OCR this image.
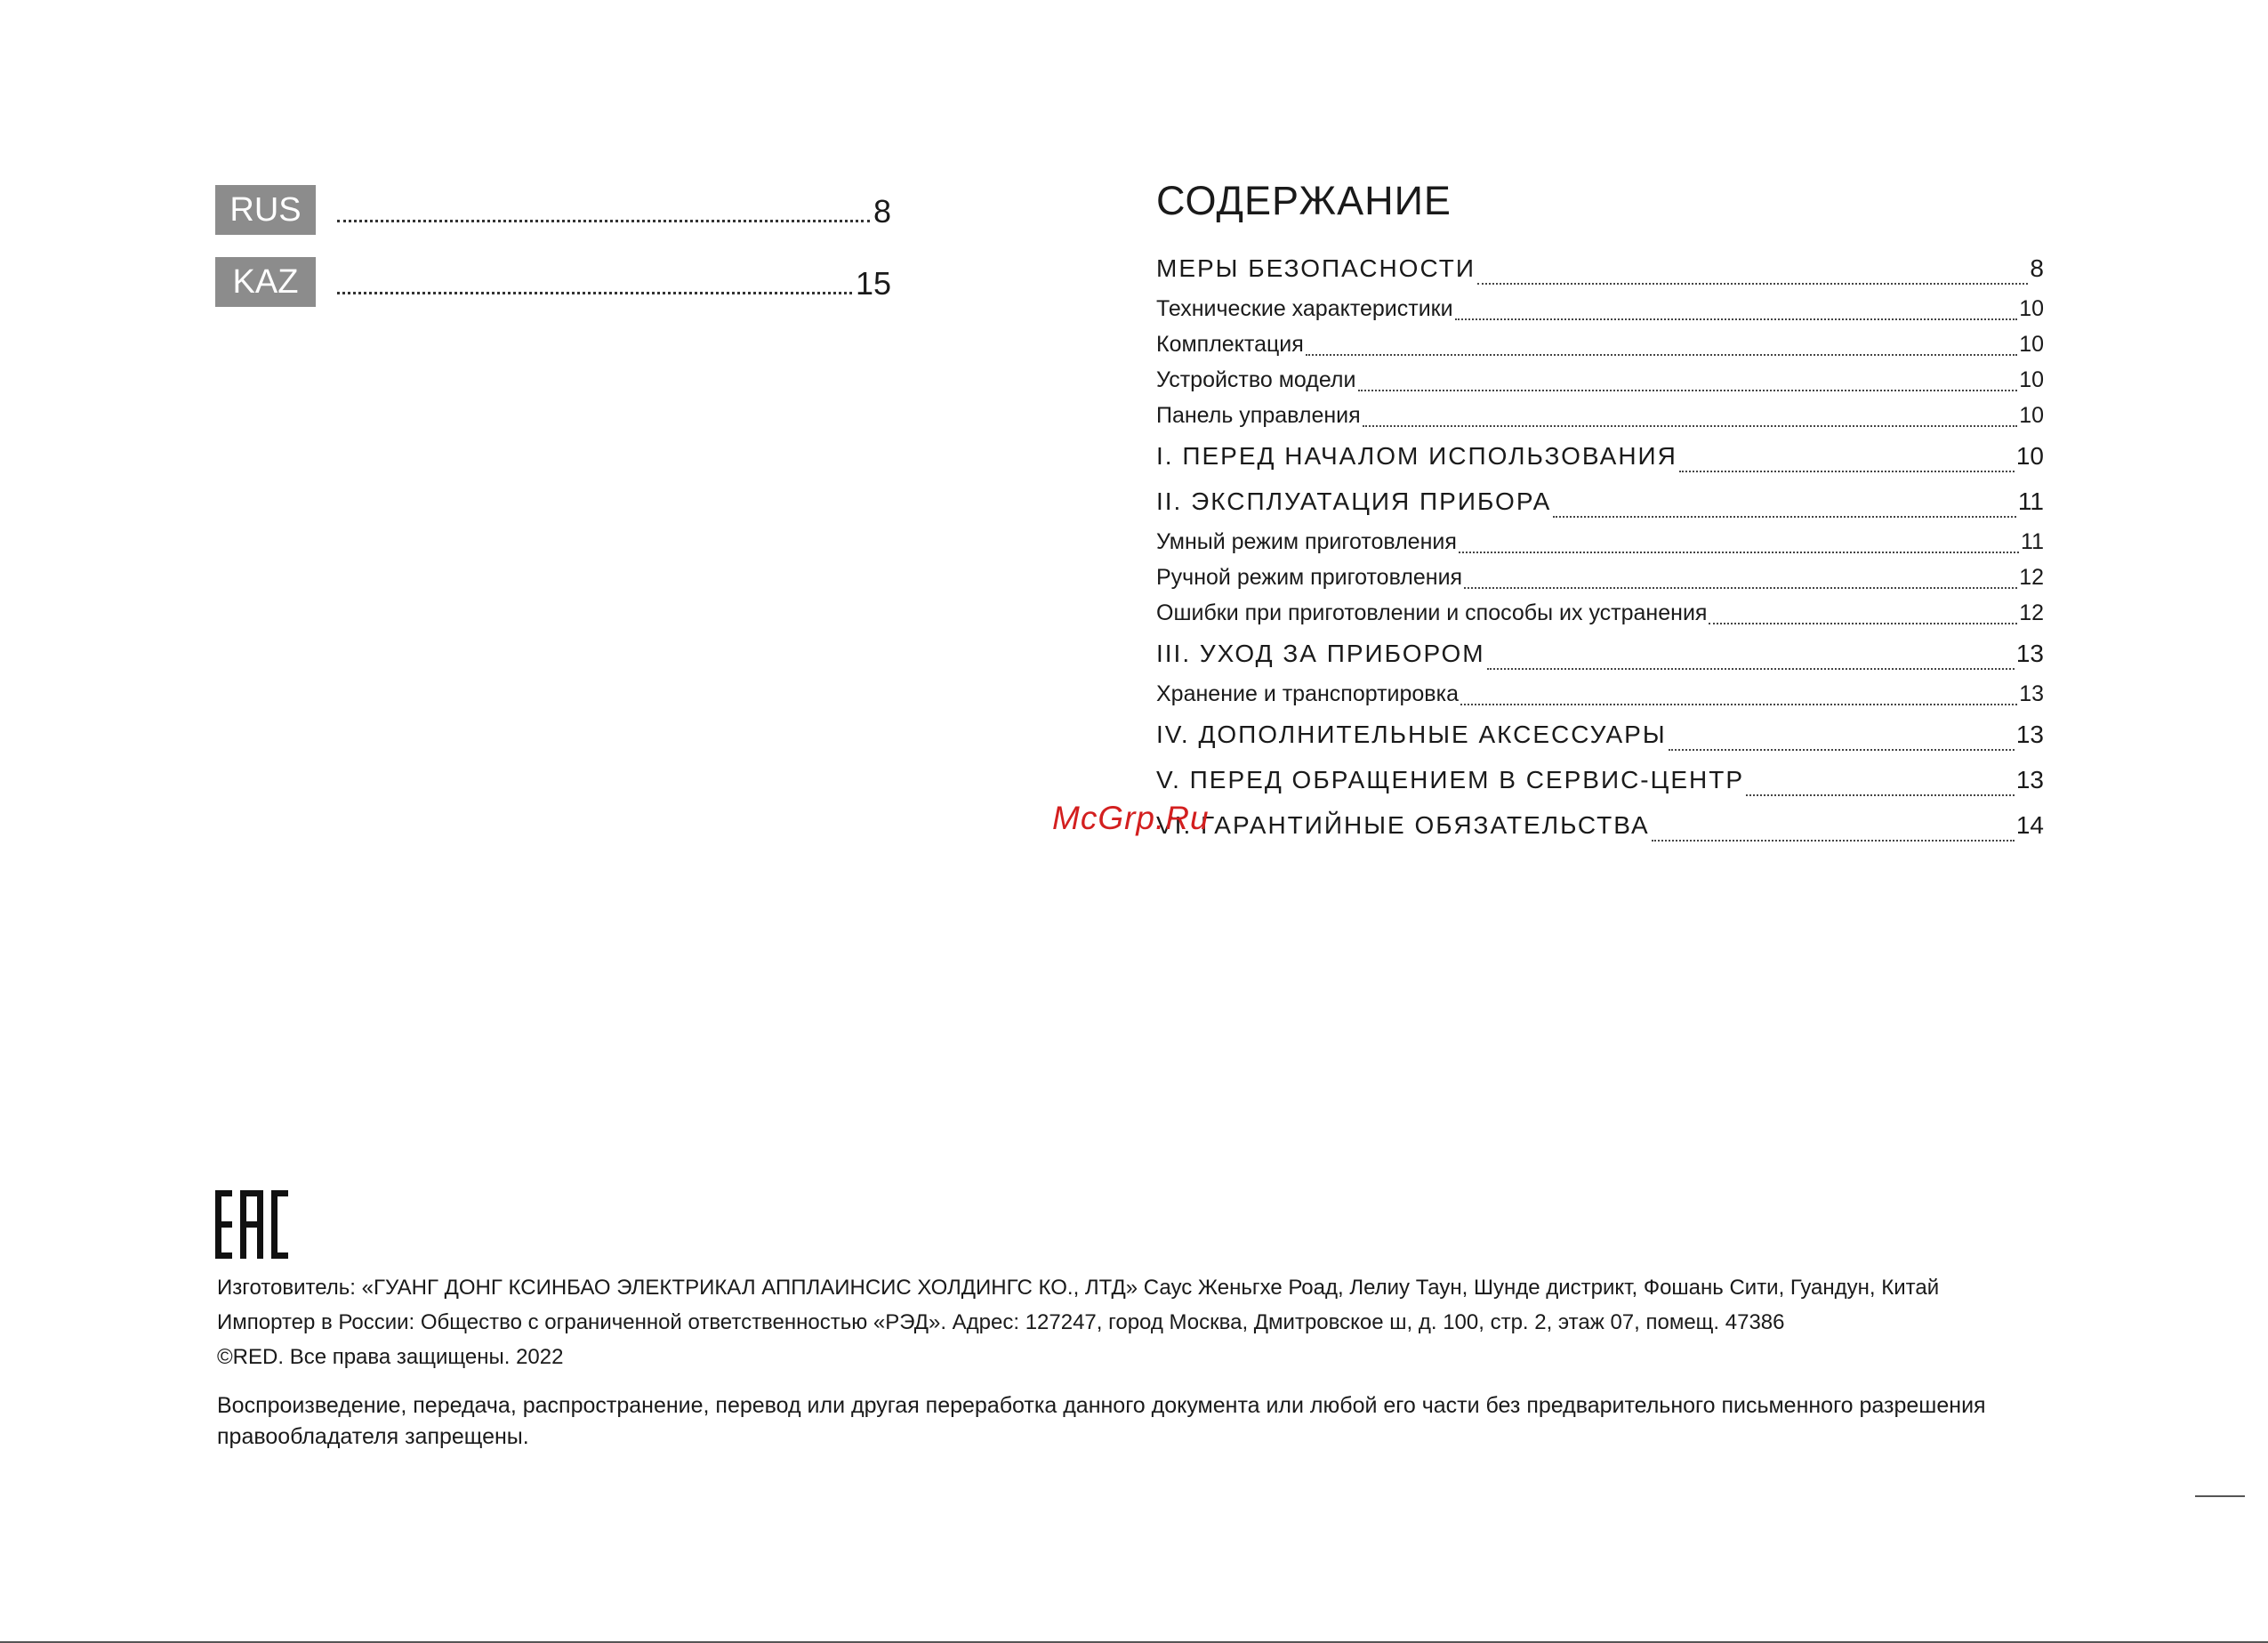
RUS	8
KAZ	15
СОДЕРЖАНИЕ
МЕРЫ БЕЗОПАСНОСТИ	8
Технические характеристики	10
Комплектация	10
Устройство модели	10
Панель управления	10
I. ПЕРЕД НАЧАЛОМ ИСПОЛЬЗОВАНИЯ	10
II. ЭКСПЛУАТАЦИЯ ПРИБОРА	11
Умный режим приготовления	11
Ручной режим приготовления	12
Ошибки при приготовлении и способы их устранения	12
III. УХОД ЗА ПРИБОРОМ	13
Хранение и транспортировка	13
IV. ДОПОЛНИТЕЛЬНЫЕ АКСЕССУАРЫ	13
V. ПЕРЕД ОБРАЩЕНИЕМ В СЕРВИС-ЦЕНТР	13
VI. ГАРАНТИЙНЫЕ ОБЯЗАТЕЛЬСТВА	14
McGrp.Ru
Изготовитель: «ГУАНГ ДОНГ КСИНБАО ЭЛЕКТРИКАЛ АППЛАИНСИС ХОЛДИНГС КО., ЛТД» Саус Женьгхе Роад, Лелиу Таун, Шунде дистрикт, Фошань Сити, Гуандун, Китай
Импортер в России: Общество с ограниченной ответственностью «РЭД». Адрес: 127247, город Москва, Дмитровское ш, д. 100, стр. 2, этаж 07, помещ. 47386
©RED. Все права защищены. 2022
Воспроизведение, передача, распространение, перевод или другая переработка данного документа или любой его части без предварительного письменного разрешения правообладателя запрещены.
